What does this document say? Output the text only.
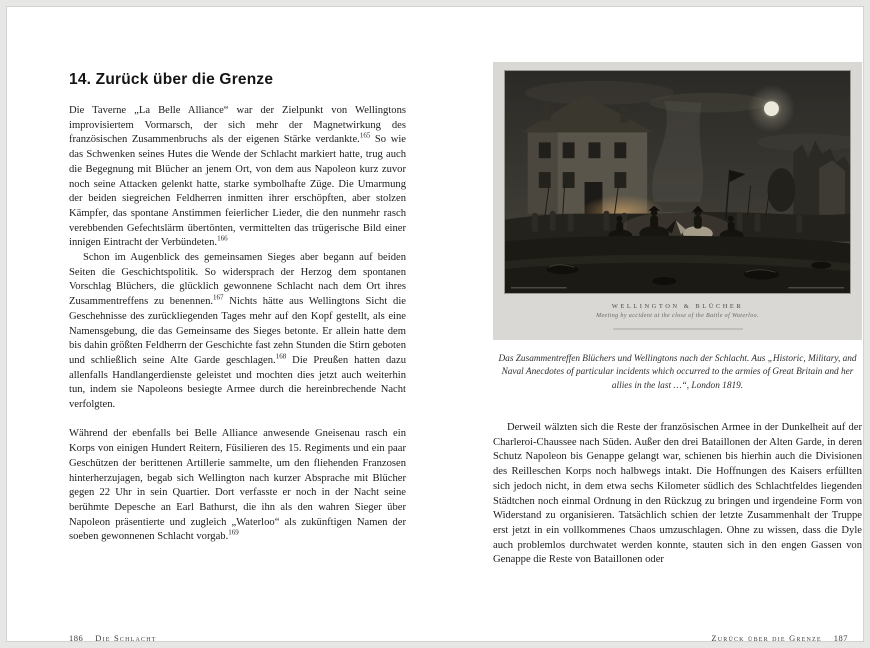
14. Zurück über die Grenze

Die Taverne „La Belle Alliance“ war der Zielpunkt von Wellingtons improvisiertem Vormarsch, der sich mehr der Magnetwirkung des französischen Zusammenbruchs als der eigenen Stärke verdankte.$^{165}$ So wie das Schwenken seines Hutes die Wende der Schlacht markiert hatte, trug auch die Begegnung mit Blücher an jenem Ort, von dem aus Napoleon kurz zuvor noch seine Attacken gelenkt hatte, starke symbolhafte Züge. Die Umarmung der beiden siegreichen Feldherren inmitten ihrer erschöpften, aber stolzen Kämpfer, das spontane Anstimmen feierlicher Lieder, die den nunmehr rasch verebbenden Gefechtslärm übertönten, vermittelten das trügerische Bild einer innigen Eintracht der Verbündeten.$^{166}$

Schon im Augenblick des gemeinsamen Sieges aber begann auf beiden Seiten die Geschichtspolitik. So widersprach der Herzog dem spontanen Vorschlag Blüchers, die glücklich gewonnene Schlacht nach dem Ort ihres Zusammentreffens zu benennen.$^{167}$ Nichts hätte aus Wellingtons Sicht die Geschehnisse des zurückliegenden Tages mehr auf den Kopf gestellt, als eine Namensgebung, die das Gemeinsame des Sieges betonte. Er allein hatte dem bis dahin größten Feldherrn der Geschichte fast zehn Stunden die Stirn geboten und schließlich seine Alte Garde geschlagen.$^{168}$ Die Preußen hatten dazu allenfalls Handlangerdienste geleistet und mochten dies jetzt auch weiterhin tun, indem sie Napoleons besiegte Armee durch die hereinbrechende Nacht verfolgten.

Während der ebenfalls bei Belle Alliance anwesende Gneisenau rasch ein Korps von einigen Hundert Reitern, Füsilieren des 15. Regiments und ein paar Geschützen der berittenen Artillerie sammelte, um den fliehenden Franzosen hinterherzujagen, begab sich Wellington nach kurzer Absprache mit Blücher gegen 22 Uhr in sein Quartier. Dort verfasste er noch in der Nacht seine berühmte Depesche an Earl Bathurst, die ihn als den wahren Sieger über Napoleon präsentierte und zugleich „Waterloo“ als zukünftigen Namen der soeben gewonnenen Schlacht vorgab.$^{169}$

WELLINGTON & BLÜCHER
Meeting by accident at the close of the Battle of Waterloo.
Das Zusammentreffen Blüchers und Wellingtons nach der Schlacht. Aus „Historic, Military, and Naval Anecdotes of particular incidents which occurred to the armies of Great Britain and her allies in the last …“, London 1819.

Derweil wälzten sich die Reste der französischen Armee in der Dunkelheit auf der Charleroi-Chaussee nach Süden. Außer den drei Bataillonen der Alten Garde, in deren Schutz Napoleon bis Genappe gelangt war, schienen bis hierhin auch die Divisionen des Reilleschen Korps noch halbwegs intakt. Die Hoffnungen des Kaisers erfüllten sich jedoch nicht, in dem etwa sechs Kilometer südlich des Schlachtfeldes liegenden Städtchen noch einmal Ordnung in den Rückzug zu bringen und irgendeine Form von Widerstand zu organisieren. Tatsächlich schien der letzte Zusammenhalt der Truppe erst jetzt in ein vollkommenes Chaos umzuschlagen. Ohne zu wissen, dass die Dyle auch problemlos durchwatet werden konnte, stauten sich in den engen Gassen von Genappe die Reste von Bataillonen oder

186 Die Schlacht	Zurück über die Grenze 187
